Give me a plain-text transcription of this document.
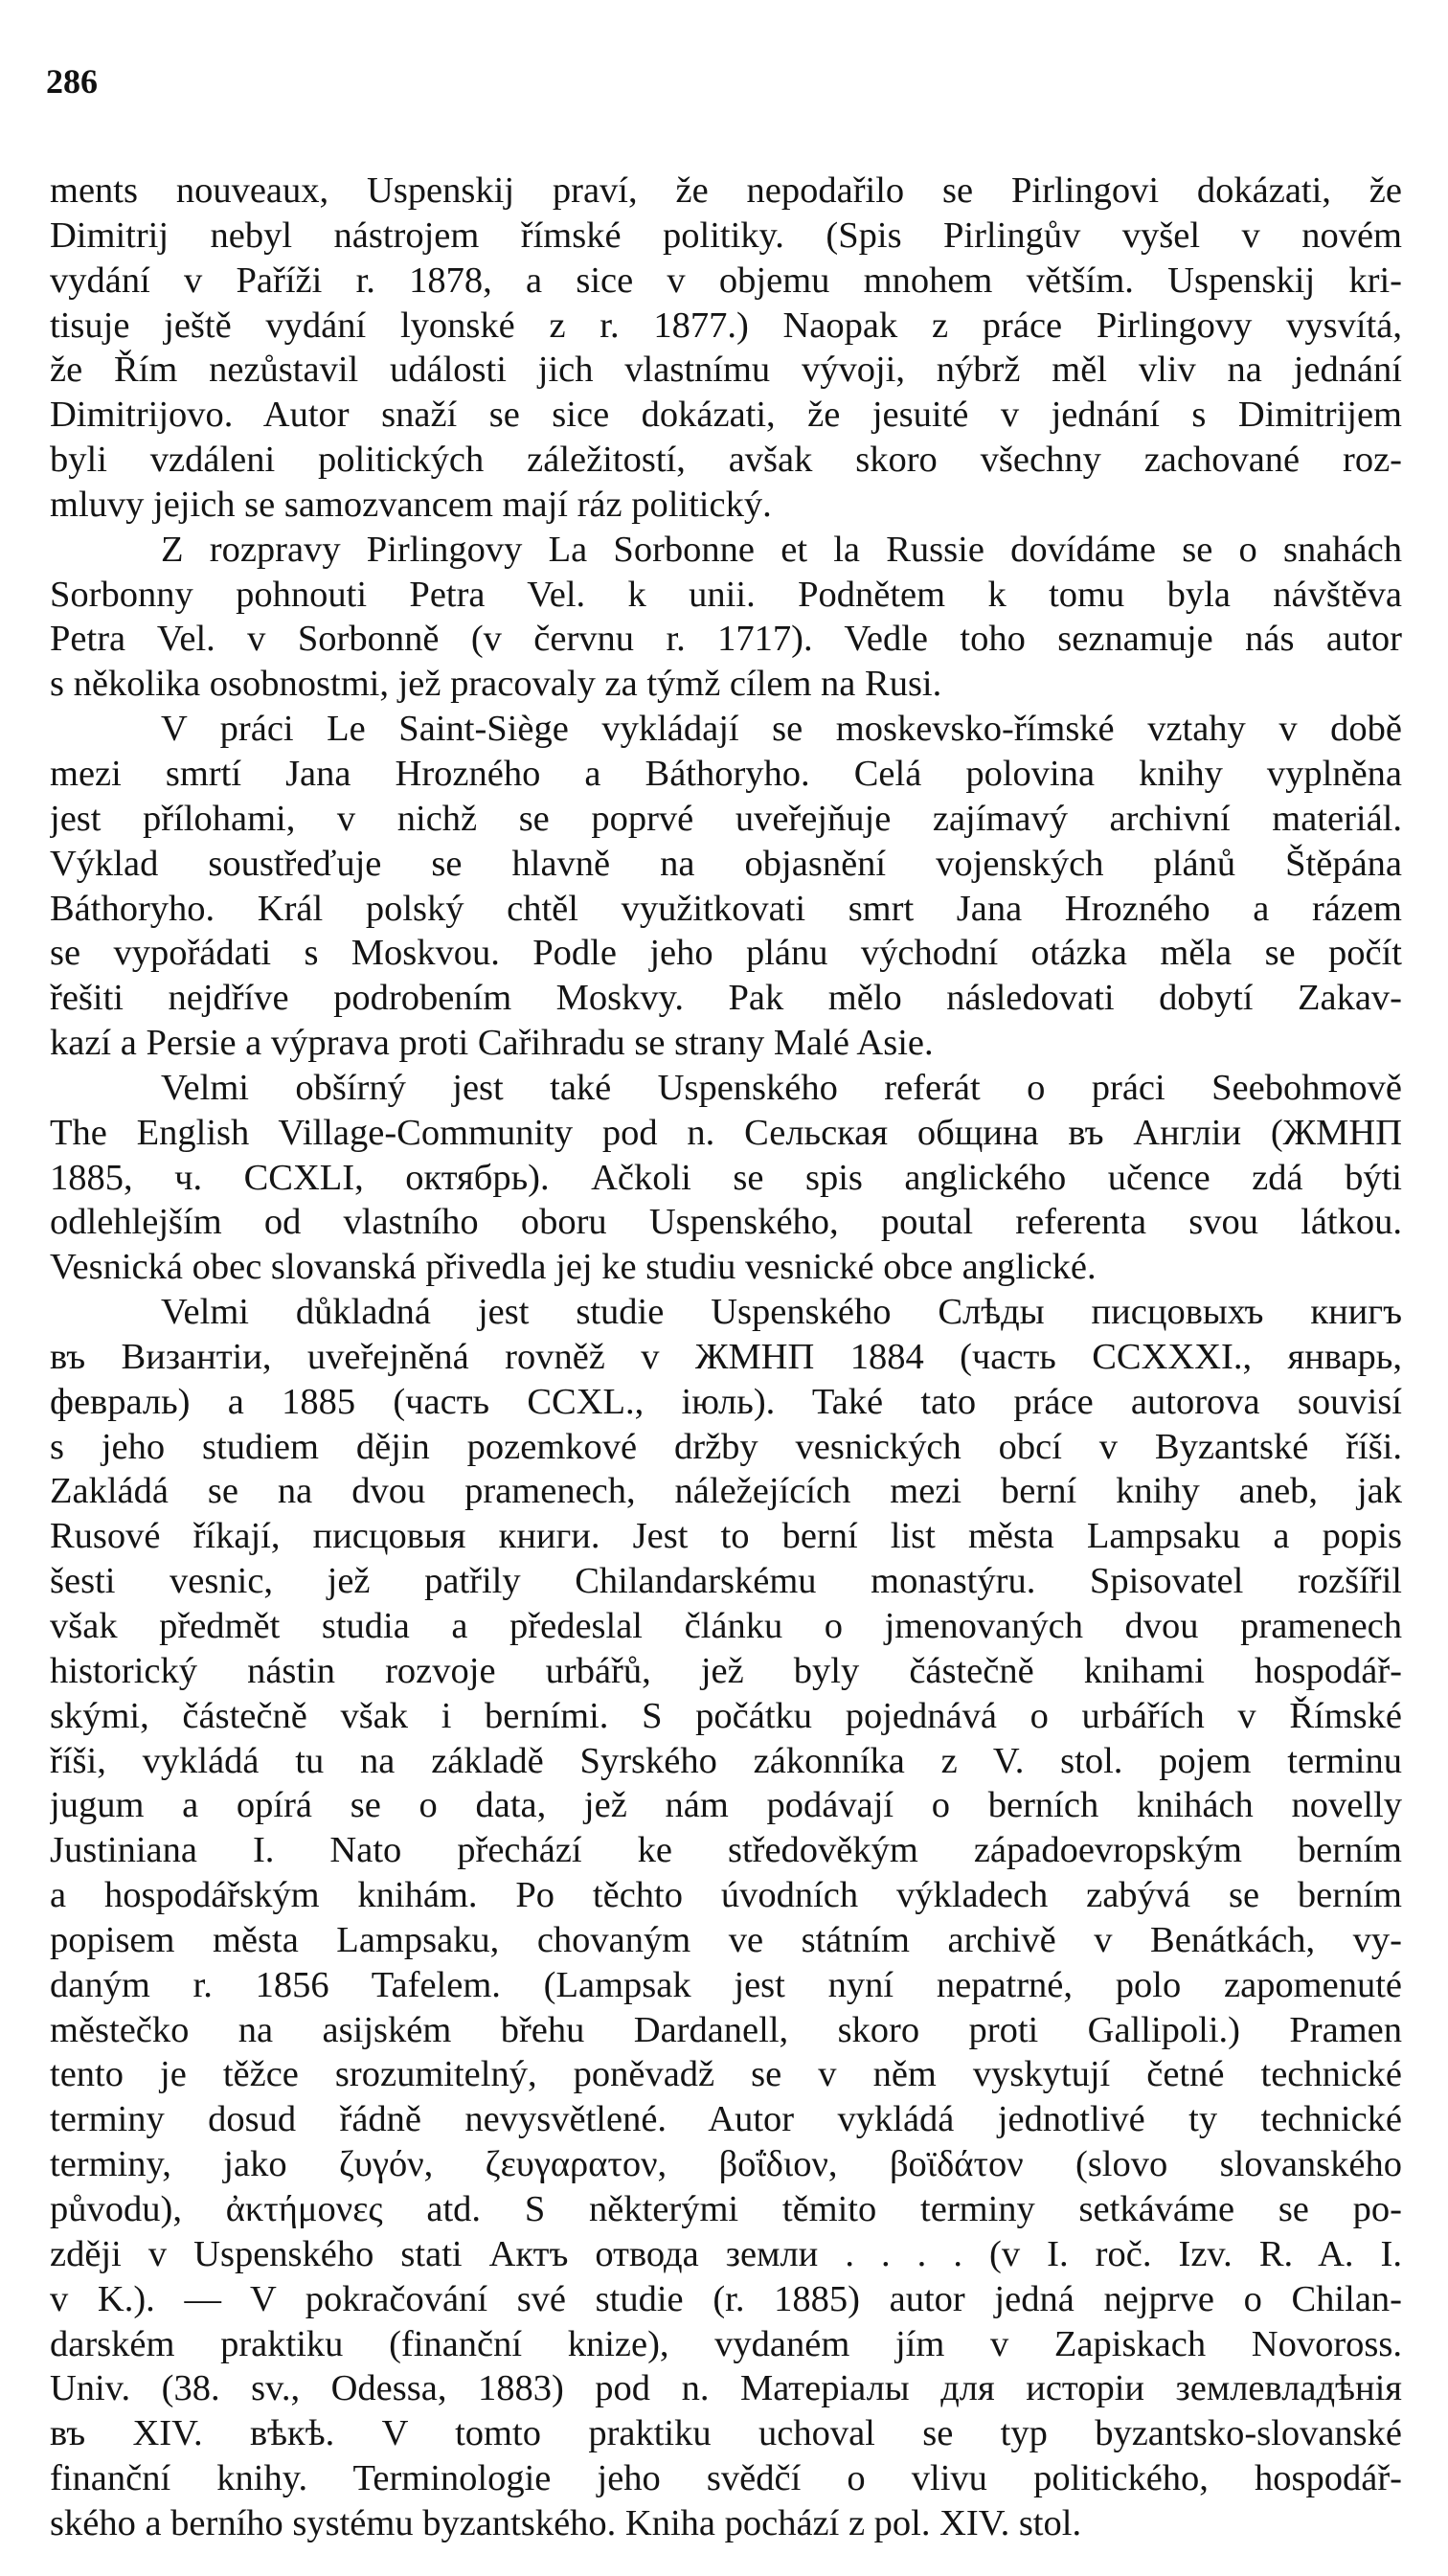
286
ments nouveaux, Uspenskij praví, že nepodařilo se Pirlingovi dokázati, že
Dimitrij nebyl nástrojem římské politiky. (Spis Pirlingův vyšel v novém
vydání v Paříži r. 1878, a sice v objemu mnohem větším. Uspenskij kri-
tisuje ještě vydání lyonské z r. 1877.) Naopak z práce Pirlingovy vysvítá,
že Řím nezůstavil události jich vlastnímu vývoji, nýbrž měl vliv na jednání
Dimitrijovo. Autor snaží se sice dokázati, že jesuité v jednání s Dimitrijem
byli vzdáleni politických záležitostí, avšak skoro všechny zachované roz-
mluvy jejich se samozvancem mají ráz politický.
Z rozpravy Pirlingovy La Sorbonne et la Russie dovídáme se o snahách
Sorbonny pohnouti Petra Vel. k unii. Podnětem k tomu byla návštěva
Petra Vel. v Sorbonně (v červnu r. 1717). Vedle toho seznamuje nás autor
s několika osobnostmi, jež pracovaly za týmž cílem na Rusi.
V práci Le Saint-Siège vykládají se moskevsko-římské vztahy v době
mezi smrtí Jana Hrozného a Báthoryho. Celá polovina knihy vyplněna
jest přílohami, v nichž se poprvé uveřejňuje zajímavý archivní materiál.
Výklad soustřeďuje se hlavně na objasnění vojenských plánů Štěpána
Báthoryho. Král polský chtěl využitkovati smrt Jana Hrozného a rázem
se vypořádati s Moskvou. Podle jeho plánu východní otázka měla se počít
řešiti nejdříve podrobením Moskvy. Pak mělo následovati dobytí Zakav-
kazí a Persie a výprava proti Cařihradu se strany Malé Asie.
Velmi obšírný jest také Uspenského referát o práci Seebohmově
The English Village-Community pod n. Сельская община въ Англіи (ЖМНП
1885, ч. CCXLI, октябрь). Ačkoli se spis anglického učence zdá býti
odlehlejším od vlastního oboru Uspenského, poutal referenta svou látkou.
Vesnická obec slovanská přivedla jej ke studiu vesnické obce anglické.
Velmi důkladná jest studie Uspenského Слѣды писцовыхъ книгъ
въ Византіи, uveřejněná rovněž v ЖМНП 1884 (часть CCXXXI., январь,
февраль) a 1885 (часть CCXL., іюль). Také tato práce autorova souvisí
s jeho studiem dějin pozemkové držby vesnických obcí v Byzantské říši.
Zakládá se na dvou pramenech, náležejících mezi berní knihy aneb, jak
Rusové říkají, писцовыя книги. Jest to berní list města Lampsaku a popis
šesti vesnic, jež patřily Chilandarskému monastýru. Spisovatel rozšířil
však předmět studia a předeslal článku o jmenovaných dvou pramenech
historický nástin rozvoje urbářů, jež byly částečně knihami hospodář-
skými, částečně však i berními. S počátku pojednává o urbářích v Římské
říši, vykládá tu na základě Syrského zákonníka z V. stol. pojem terminu
jugum a opírá se o data, jež nám podávají o berních knihách novelly
Justiniana I. Nato přechází ke středověkým západoevropským berním
a hospodářským knihám. Po těchto úvodních výkladech zabývá se berním
popisem města Lampsaku, chovaným ve státním archivě v Benátkách, vy-
daným r. 1856 Tafelem. (Lampsak jest nyní nepatrné, polo zapomenuté
městečko na asijském břehu Dardanell, skoro proti Gallipoli.) Pramen
tento je těžce srozumitelný, poněvadž se v něm vyskytují četné technické
terminy dosud řádně nevysvětlené. Autor vykládá jednotlivé ty technické
terminy, jako ζυγόν, ζευγαρατον, βοΐδιον, βοϊδάτον (slovo slovanského
původu), ἀκτήμονες atd. S některými těmito terminy setkáváme se po-
zději v Uspenského stati Актъ отвода земли . . . . (v I. roč. Izv. R. A. I.
v K.). — V pokračování své studie (r. 1885) autor jedná nejprve o Chilan-
darském praktiku (finanční knize), vydaném jím v Zapiskach Novoross.
Univ. (38. sv., Odessa, 1883) pod n. Матеріалы для исторіи землевладѣнія
въ XIV. вѣкѣ. V tomto praktiku uchoval se typ byzantsko-slovanské
finanční knihy. Terminologie jeho svědčí o vlivu politického, hospodář-
ského a berního systému byzantského. Kniha pochází z pol. XIV. stol.
